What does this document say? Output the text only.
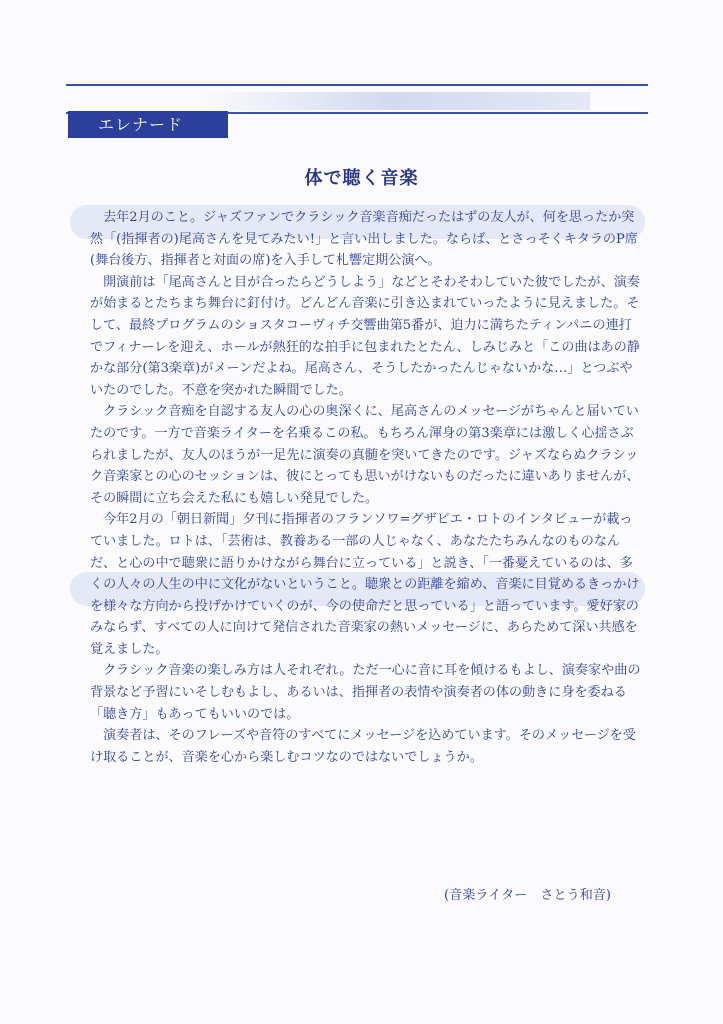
エレナード
体で聴く音楽

去年2月のこと。ジャズファンでクラシック音楽音痴だったはずの友人が、何を思ったか突然「(指揮者の)尾高さんを見てみたい!」と言い出しました。ならば、とさっそくキタラのP席(舞台後方、指揮者と対面の席)を入手して札響定期公演へ。

開演前は「尾高さんと目が合ったらどうしよう」などとそわそわしていた彼でしたが、演奏が始まるとたちまち舞台に釘付け。どんどん音楽に引き込まれていったように見えました。そして、最終プログラムのショスタコーヴィチ交響曲第5番が、迫力に満ちたティンパニの連打でフィナーレを迎え、ホールが熱狂的な拍手に包まれたとたん、しみじみと「この曲はあの静かな部分(第3楽章)がメーンだよね。尾高さん、そうしたかったんじゃないかな…」とつぶやいたのでした。不意を突かれた瞬間でした。

クラシック音痴を自認する友人の心の奥深くに、尾高さんのメッセージがちゃんと届いていたのです。一方で音楽ライターを名乗るこの私。もちろん渾身の第3楽章には激しく心揺さぶられましたが、友人のほうが一足先に演奏の真髄を突いてきたのです。ジャズならぬクラシック音楽家との心のセッションは、彼にとっても思いがけないものだったに違いありませんが、その瞬間に立ち会えた私にも嬉しい発見でした。

今年2月の「朝日新聞」夕刊に指揮者のフランソワ=グザビエ・ロトのインタビューが載っていました。ロトは、「芸術は、教養ある一部の人じゃなく、あなたたちみんなのものなんだ、と心の中で聴衆に語りかけながら舞台に立っている」と説き、「一番憂えているのは、多くの人々の人生の中に文化がないということ。聴衆との距離を縮め、音楽に目覚めるきっかけを様々な方向から投げかけていくのが、今の使命だと思っている」と語っています。愛好家のみならず、すべての人に向けて発信された音楽家の熱いメッセージに、あらためて深い共感を覚えました。

クラシック音楽の楽しみ方は人それぞれ。ただ一心に音に耳を傾けるもよし、演奏家や曲の背景など予習にいそしむもよし、あるいは、指揮者の表情や演奏者の体の動きに身を委ねる「聴き方」もあってもいいのでは。

演奏者は、そのフレーズや音符のすべてにメッセージを込めています。そのメッセージを受け取ることが、音楽を心から楽しむコツなのではないでしょうか。

(音楽ライター　さとう和音)
